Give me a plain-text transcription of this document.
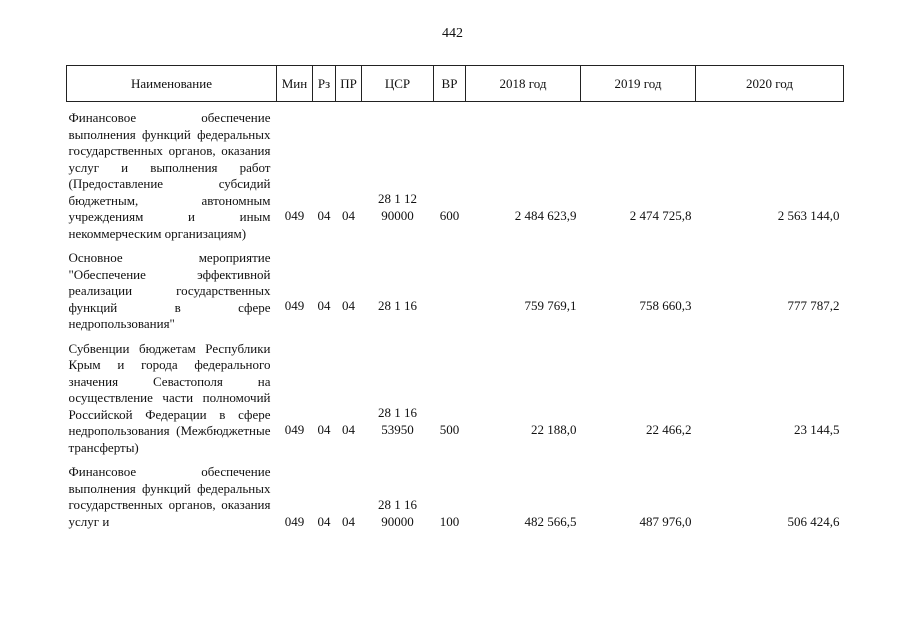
442
Наименование	Мин	Рз	ПР	ЦСР	ВР	2018 год	2019 год	2020 год
Финансовое обеспечение выполнения функций федеральных государственных органов, оказания услуг и выполнения работ (Предоставление субсидий бюджетным, автономным учреждениям и иным некоммерческим организациям)	049	04	04	28 1 12 90000	600	2 484 623,9	2 474 725,8	2 563 144,0
Основное мероприятие "Обеспечение эффективной реализации государственных функций в сфере недропользования"	049	04	04	28 1 16		759 769,1	758 660,3	777 787,2
Субвенции бюджетам Республики Крым и города федерального значения Севастополя на осуществление части полномочий Российской Федерации в сфере недропользования (Межбюджетные трансферты)	049	04	04	28 1 16 53950	500	22 188,0	22 466,2	23 144,5
Финансовое обеспечение выполнения функций федеральных государственных органов, оказания услуг и	049	04	04	28 1 16 90000	100	482 566,5	487 976,0	506 424,6
